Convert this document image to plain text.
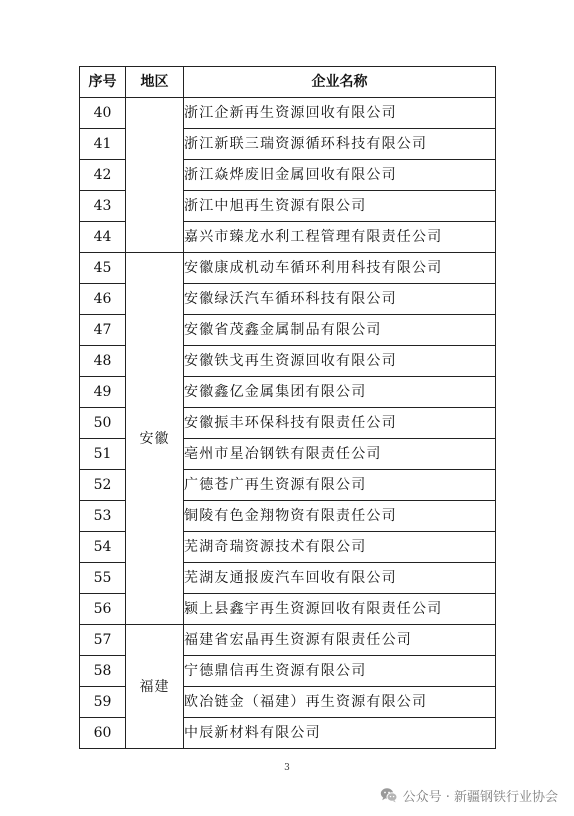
序号	地区	企业名称
40		浙江企新再生资源回收有限公司
41		浙江新联三瑞资源循环科技有限公司
42		浙江焱烨废旧金属回收有限公司
43		浙江中旭再生资源有限公司
44		嘉兴市臻龙水利工程管理有限责任公司
45	安徽	安徽康成机动车循环利用科技有限公司
46		安徽绿沃汽车循环科技有限公司
47		安徽省茂鑫金属制品有限公司
48		安徽铁戈再生资源回收有限公司
49		安徽鑫亿金属集团有限公司
50		安徽振丰环保科技有限责任公司
51		亳州市星冶钢铁有限责任公司
52		广德苍广再生资源有限公司
53		铜陵有色金翔物资有限责任公司
54		芜湖奇瑞资源技术有限公司
55		芜湖友通报废汽车回收有限公司
56		颍上县鑫宇再生资源回收有限责任公司
57	福建	福建省宏晶再生资源有限责任公司
58		宁德鼎信再生资源有限公司
59		欧冶链金（福建）再生资源有限公司
60		中辰新材料有限公司
3
公众号 · 新疆钢铁行业协会
